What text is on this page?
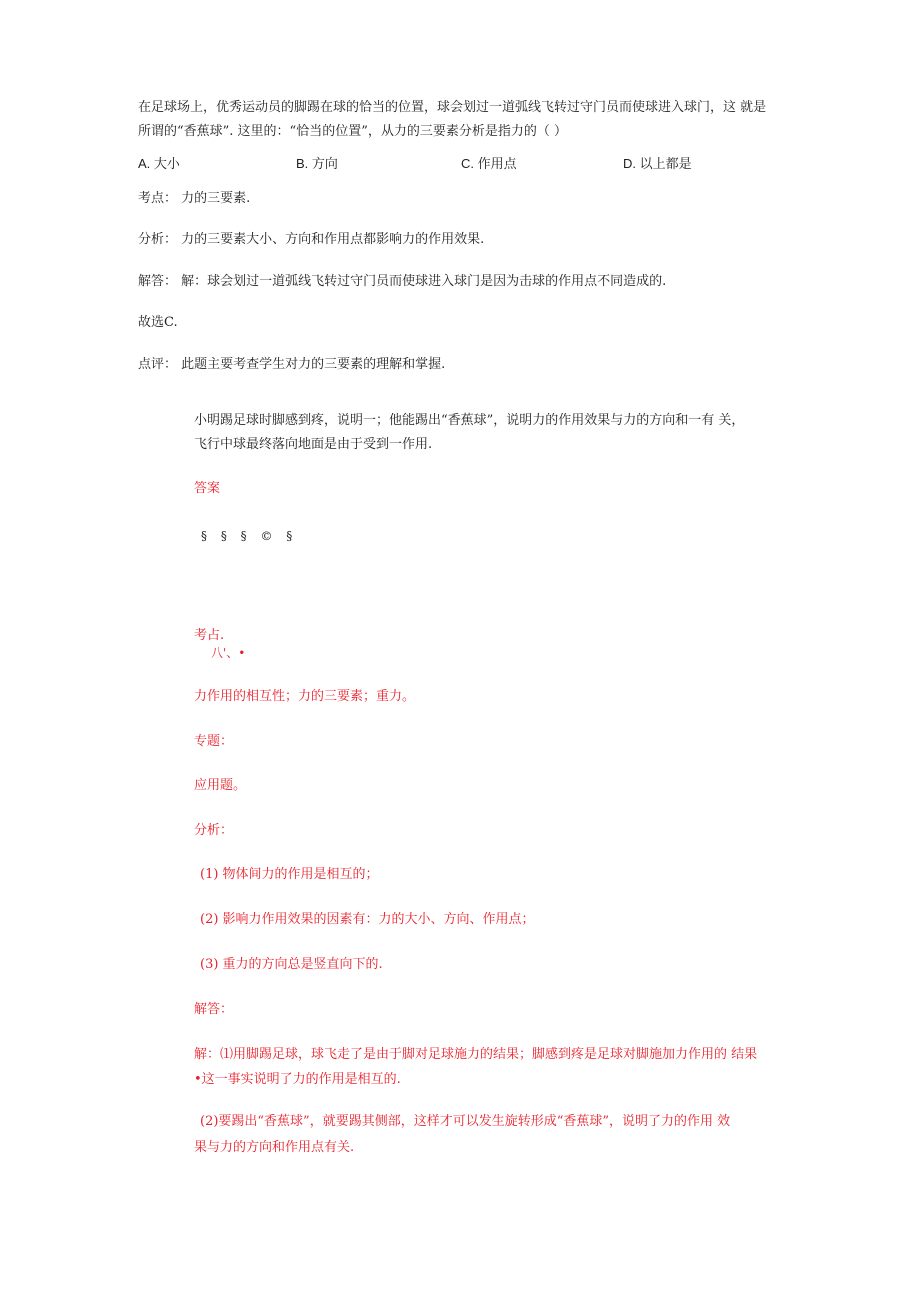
在足球场上，优秀运动员的脚踢在球的恰当的位置，球会划过一道弧线飞转过守门员而使球进入球门，这 就是
所谓的“香蕉球”. 这里的：“恰当的位置”，从力的三要素分析是指力的（ ）
A. 大小	B. 方向	C. 作用点	D. 以上都是
考点： 力的三要素.
分析： 力的三要素大小、方向和作用点都影响力的作用效果.
解答： 解：球会划过一道弧线飞转过守门员而使球进入球门是因为击球的作用点不同造成的.
故选C.
点评： 此题主要考查学生对力的三要素的理解和掌握.
小明踢足球时脚感到疼，说明一；他能踢出“香蕉球”，说明力的作用效果与力的方向和一有 关，
飞行中球最终落向地面是由于受到一作用.
答案
§ § § © §
考占.
八'、•
力作用的相互性；力的三要素；重力。
专题：
应用题。
分析：
(1) 物体间力的作用是相互的；
(2) 影响力作用效果的因素有：力的大小、方向、作用点；
(3) 重力的方向总是竖直向下的.
解答：
解：⑴用脚踢足球，球飞走了是由于脚对足球施力的结果；脚感到疼是足球对脚施加力作用的 结果
•这一事实说明了力的作用是相互的.
(2)要踢出“香蕉球”，就要踢其侧部，这样才可以发生旋转形成“香蕉球”，说明了力的作用 效
果与力的方向和作用点有关.
